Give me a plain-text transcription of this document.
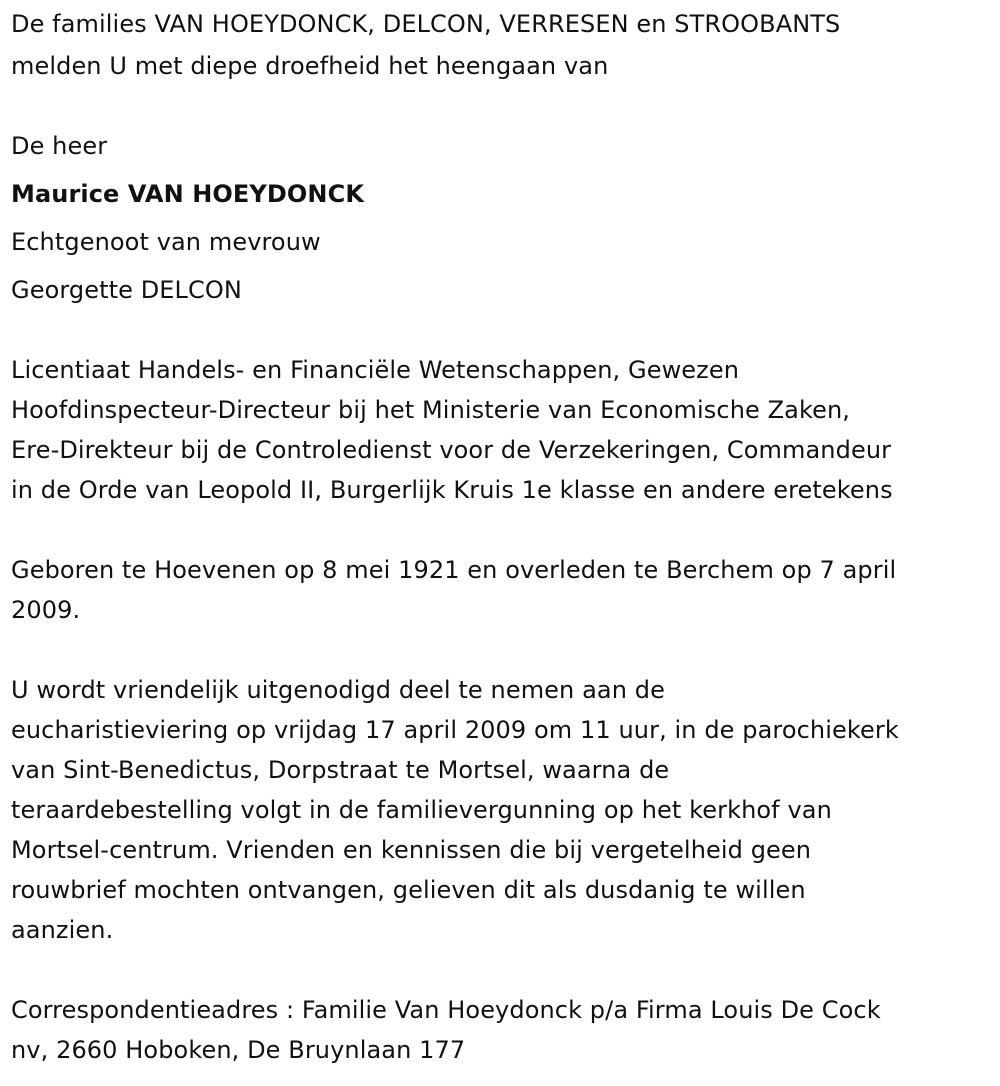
De families VAN HOEYDONCK, DELCON, VERRESEN en STROOBANTS
melden U met diepe droefheid het heengaan van
De heer
Maurice VAN HOEYDONCK
Echtgenoot van mevrouw
Georgette DELCON
Licentiaat Handels- en Financiële Wetenschappen, Gewezen
Hoofdinspecteur-Directeur bij het Ministerie van Economische Zaken,
Ere-Direkteur bij de Controledienst voor de Verzekeringen, Commandeur
in de Orde van Leopold II, Burgerlijk Kruis 1e klasse en andere eretekens
Geboren te Hoevenen op 8 mei 1921 en overleden te Berchem op 7 april
2009.
U wordt vriendelijk uitgenodigd deel te nemen aan de
eucharistieviering op vrijdag 17 april 2009 om 11 uur, in de parochiekerk
van Sint-Benedictus, Dorpstraat te Mortsel, waarna de
teraardebestelling volgt in de familievergunning op het kerkhof van
Mortsel-centrum. Vrienden en kennissen die bij vergetelheid geen
rouwbrief mochten ontvangen, gelieven dit als dusdanig te willen
aanzien.
Correspondentieadres : Familie Van Hoeydonck p/a Firma Louis De Cock
nv, 2660 Hoboken, De Bruynlaan 177
